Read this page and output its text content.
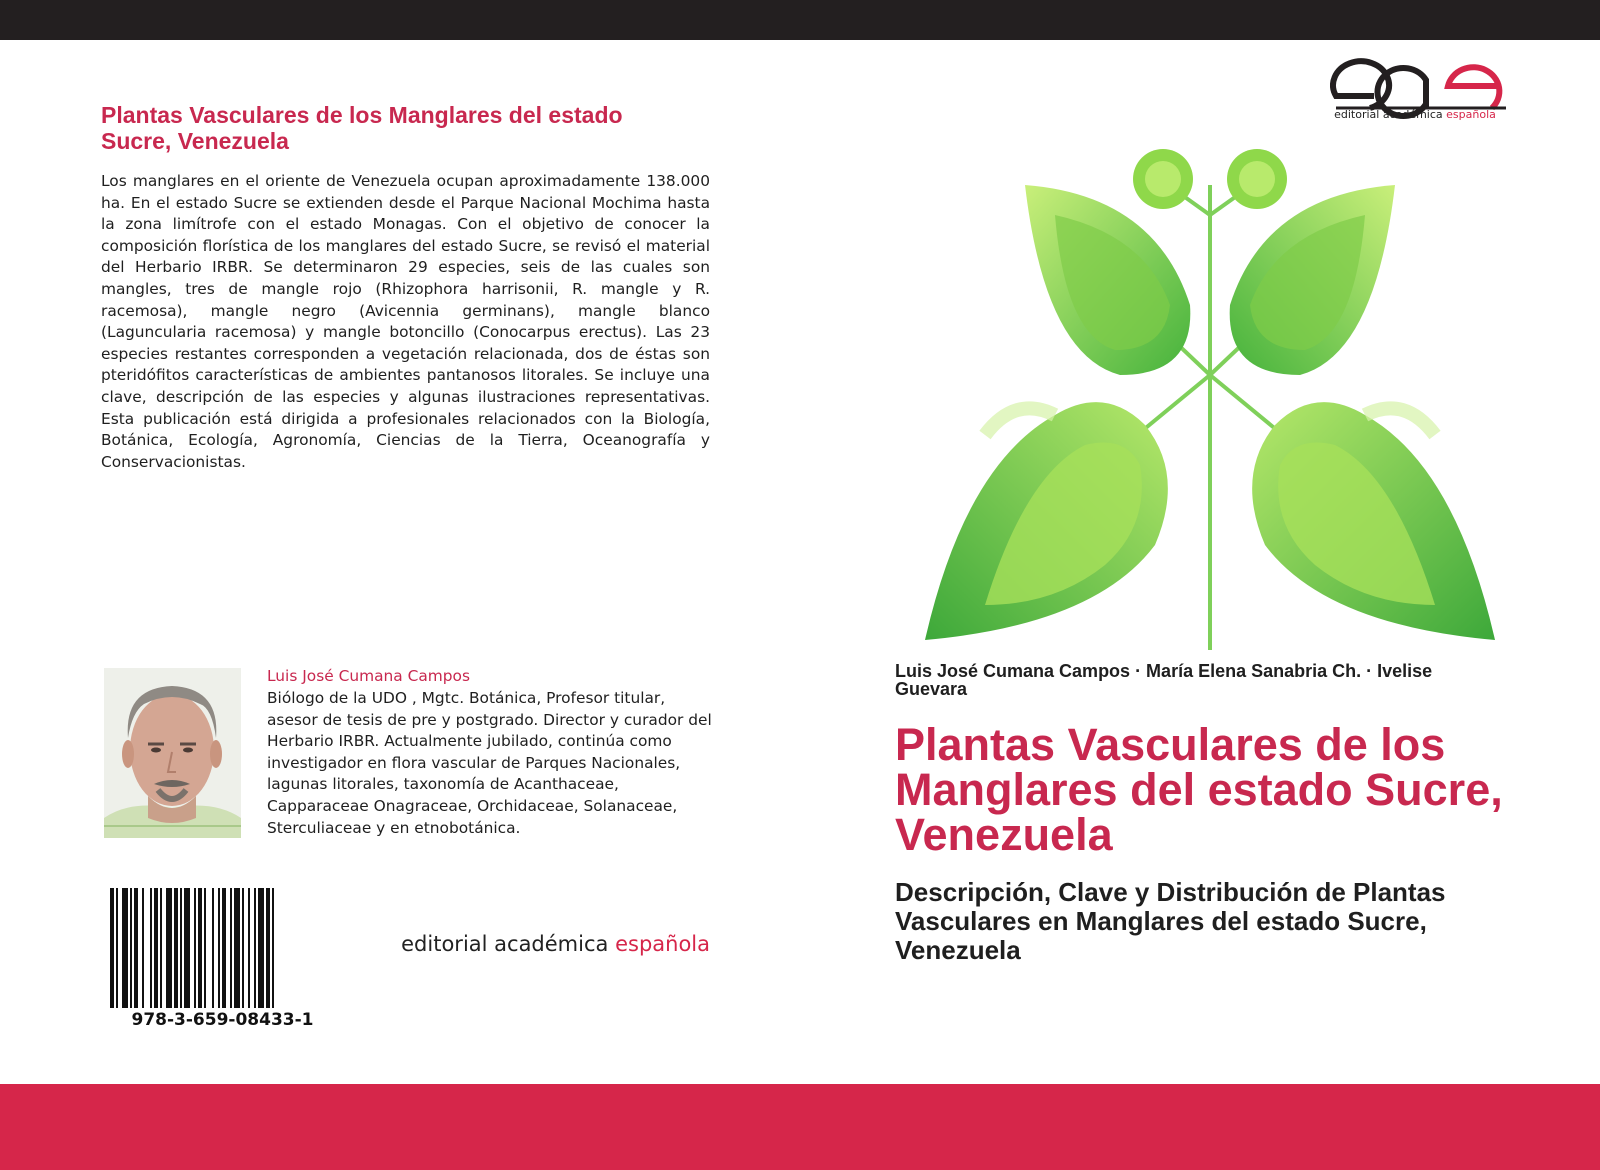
Plantas Vasculares de los Manglares del estado Sucre, Venezuela
Los manglares en el oriente de Venezuela ocupan aproximadamente 138.000 ha. En el estado Sucre se extienden desde el Parque Nacional Mochima hasta la zona limítrofe con el estado Monagas. Con el objetivo de conocer la composición florística de los manglares del estado Sucre, se revisó el material del Herbario IRBR. Se determinaron 29 especies, seis de las cuales son mangles, tres de mangle rojo (Rhizophora harrisonii, R. mangle y R. racemosa), mangle negro (Avicennia germinans), mangle blanco (Laguncularia racemosa) y mangle botoncillo (Conocarpus erectus). Las 23 especies restantes corresponden a vegetación relacionada, dos de éstas son pteridófitos características de ambientes pantanosos litorales. Se incluye una clave, descripción de las especies y algunas ilustraciones representativas. Esta publicación está dirigida a profesionales relacionados con la Biología, Botánica, Ecología, Agronomía, Ciencias de la Tierra, Oceanografía y Conservacionistas.
Luis José Cumana Campos
Biólogo de la UDO , Mgtc. Botánica, Profesor titular, asesor de tesis de pre y postgrado. Director y curador del Herbario IRBR. Actualmente jubilado, continúa como investigador en flora vascular de Parques Nacionales, lagunas litorales, taxonomía de Acanthaceae, Capparaceae Onagraceae, Orchidaceae, Solanaceae, Sterculiaceae y en etnobotánica.
978-3-659-08433-1
editorial académica española
editorial académica española
Luis José Cumana Campos · María Elena Sanabria Ch. · Ivelise Guevara
Plantas Vasculares de los Manglares del estado Sucre, Venezuela
Descripción, Clave y Distribución de Plantas Vasculares en Manglares del estado Sucre, Venezuela
